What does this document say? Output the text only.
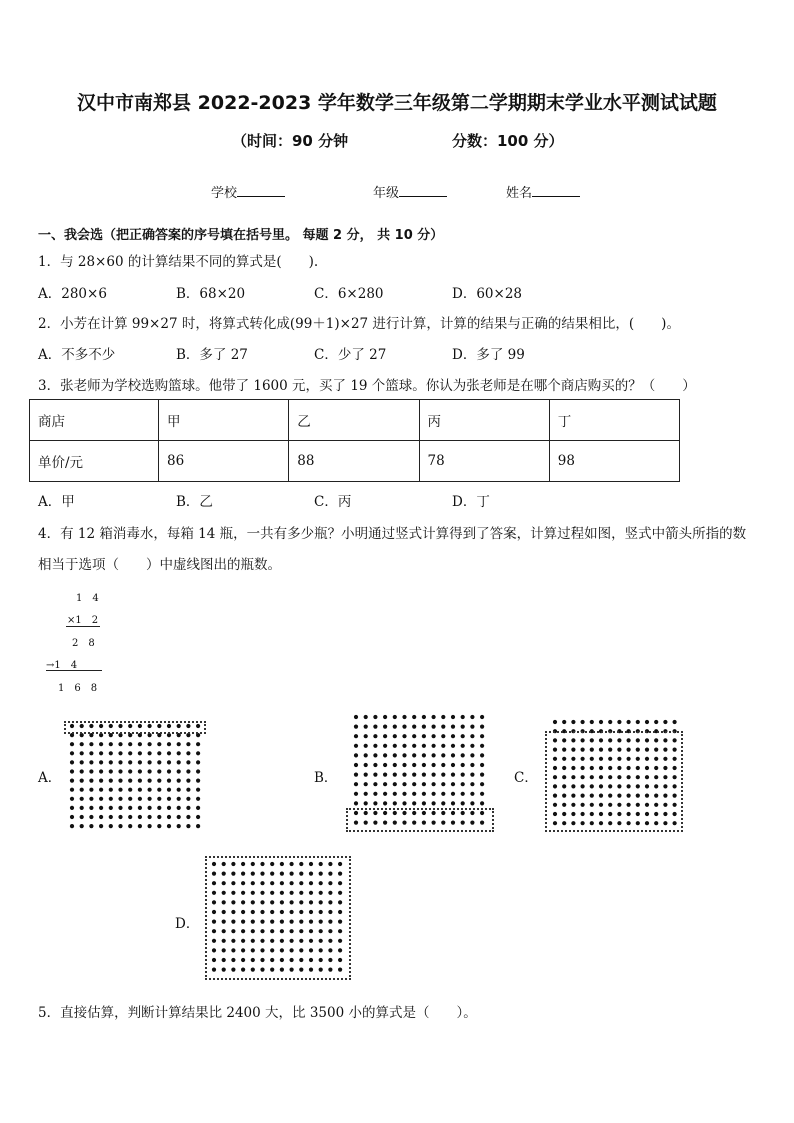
汉中市南郑县 2022-2023 学年数学三年级第二学期期末学业水平测试试题
（时间：90 分钟	分数：100 分）
学校	年级	姓名
一、我会选（把正确答案的序号填在括号里。 每题 2 分， 共 10 分）
1．与 28×60 的计算结果不同的算式是(　　).
A．280×6	B．68×20	C．6×280	D．60×28
2．小芳在计算 99×27 时，将算式转化成(99＋1)×27 进行计算，计算的结果与正确的结果相比，(　　)。
A．不多不少	B．多了 27	C．少了 27	D．多了 99
3．张老师为学校选购篮球。他带了 1600 元，买了 19 个篮球。你认为张老师是在哪个商店购买的？（　　）
商店	甲	乙	丙	丁
单价/元	86	88	78	98
A．甲	B．乙	C．丙	D．丁
4．有 12 箱消毒水，每箱 14 瓶，一共有多少瓶？小明通过竖式计算得到了答案，计算过程如图，竖式中箭头所指的数
相当于选项（　　）中虚线图出的瓶数。
1　4
×1　2
2　8
→1　4
1　6　8
A．	B．	C．
D．
5．直接估算，判断计算结果比 2400 大，比 3500 小的算式是（　　）。
